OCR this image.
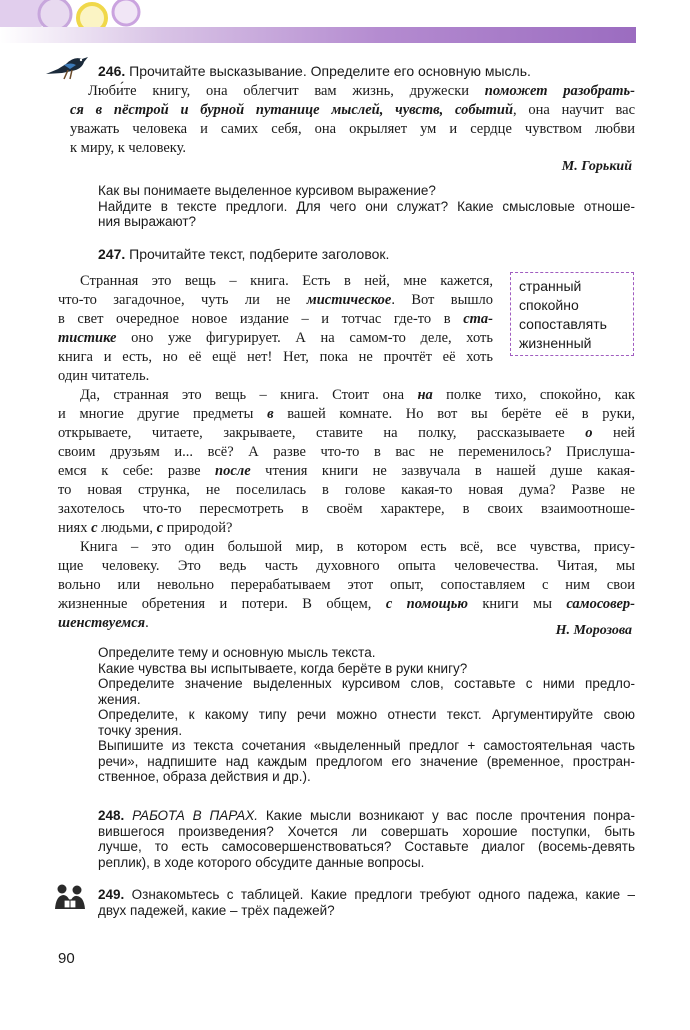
246. Прочитайте высказывание. Определите его основную мысль.
Люби́те книгу, она облегчит вам жизнь, дружески поможет разобрать-
ся в пёстрой и бурной путанице мыслей, чувств, событий, она научит вас
уважать человека и самих себя, она окрыляет ум и сердце чувством любви
к миру, к человеку.
М. Горький
Как вы понимаете выделенное курсивом выражение?
Найдите в тексте предлоги. Для чего они служат? Какие смысловые отноше-
ния выражают?
247. Прочитайте текст, подберите заголовок.
странный
спокойно
сопоставлять
жизненный
Странная это вещь – книга. Есть в ней, мне кажется,
что-то загадочное, чуть ли не мистическое. Вот вышло
в свет очередное новое издание – и тотчас где-то в ста-
тистике оно уже фигурирует. А на самом-то деле, хоть
книга и есть, но её ещё нет! Нет, пока не прочтёт её хоть
один читатель.
Да, странная это вещь – книга. Стоит она на полке тихо, спокойно, как
и многие другие предметы в вашей комнате. Но вот вы берёте её в руки,
открываете, читаете, закрываете, ставите на полку, рассказываете о ней
своим друзьям и... всё? А разве что-то в вас не переменилось? Прислуша-
емся к себе: разве после чтения книги не зазвучала в нашей душе какая-
то новая струнка, не поселилась в голове какая-то новая дума? Разве не
захотелось что-то пересмотреть в своём характере, в своих взаимоотноше-
ниях с людьми, с природой?
Книга – это один большой мир, в котором есть всё, все чувства, прису-
щие человеку. Это ведь часть духовного опыта человечества. Читая, мы
вольно или невольно перерабатываем этот опыт, сопоставляем с ним свои
жизненные обретения и потери. В общем, с помощью книги мы самосовер-
шенствуемся.	Н. Морозова
Определите тему и основную мысль текста.
Какие чувства вы испытываете, когда берёте в руки книгу?
Определите значение выделенных курсивом слов, составьте с ними предло-
жения.
Определите, к какому типу речи можно отнести текст. Аргументируйте свою
точку зрения.
Выпишите из текста сочетания «выделенный предлог + самостоятельная часть
речи», надпишите над каждым предлогом его значение (временное, простран-
ственное, образа действия и др.).
248. РАБОТА В ПАРАХ. Какие мысли возникают у вас после прочтения понра-
вившегося произведения? Хочется ли совершать хорошие поступки, быть
лучше, то есть самосовершенствоваться? Составьте диалог (восемь-девять
реплик), в ходе которого обсудите данные вопросы.
249. Ознакомьтесь с таблицей. Какие предлоги требуют одного падежа, какие –
двух падежей, какие – трёх падежей?
90
